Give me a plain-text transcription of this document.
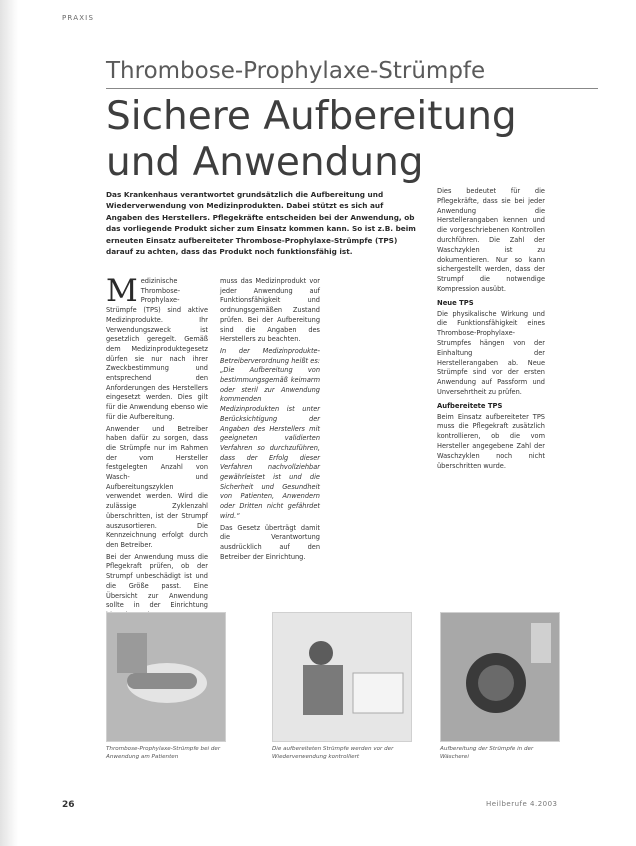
PRAXIS
Thrombose-Prophylaxe-Strümpfe
Sichere Aufbereitung
und Anwendung

Das Krankenhaus verantwortet grundsätzlich die Aufbereitung und Wiederverwendung von Medizinprodukten. Dabei stützt es sich auf Angaben des Herstellers. Pflegekräfte entscheiden bei der Anwendung, ob das vorliegende Produkt sicher zum Einsatz kommen kann. So ist z.B. beim erneuten Einsatz aufbereiteter Thrombose-Prophylaxe-Strümpfe (TPS) darauf zu achten, dass das Produkt noch funktionsfähig ist.

Medizinische Thrombose-Prophylaxe-Strümpfe (TPS) sind aktive Medizinprodukte. Ihr Verwendungszweck ist gesetzlich geregelt. Gemäß dem Medizinproduktegesetz dürfen sie nur nach ihrer Zweckbestimmung und entsprechend den Anforderungen des Herstellers eingesetzt werden. Dies gilt für die Anwendung ebenso wie für die Aufbereitung.

Anwender und Betreiber haben dafür zu sorgen, dass die Strümpfe nur im Rahmen der vom Hersteller festgelegten Anzahl von Wasch- und Aufbereitungszyklen verwendet werden. Wird die zulässige Zyklenzahl überschritten, ist der Strumpf auszusortieren. Die Kennzeichnung erfolgt durch den Betreiber.

Bei der Anwendung muss die Pflegekraft prüfen, ob der Strumpf unbeschädigt ist und die Größe passt. Eine Übersicht zur Anwendung sollte in der Einrichtung

muss das Medizinprodukt vor jeder Anwendung auf Funktionsfähigkeit und ordnungsgemäßen Zustand prüfen. Bei der Aufbereitung sind die Angaben des Herstellers zu beachten.

In der Medizinprodukte-Betreiberverordnung heißt es: „Die Aufbereitung von bestimmungsgemäß keimarm oder steril zur Anwendung kommenden Medizinprodukten ist unter Berücksichtigung der Angaben des Herstellers mit geeigneten validierten Verfahren so durchzuführen, dass der Erfolg dieser Verfahren nachvollziehbar gewährleistet ist und die Sicherheit und Gesundheit von Patienten, Anwendern oder Dritten nicht gefährdet wird.“

Das Gesetz überträgt damit die Verantwortung ausdrücklich auf den Betreiber der Einrichtung.

Dies bedeutet für die Pflegekräfte, dass sie bei jeder Anwendung die Herstellerangaben kennen und die vorgeschriebenen Kontrollen durchführen. Die Zahl der Waschzyklen ist zu dokumentieren. Nur so kann sichergestellt werden, dass der Strumpf die notwendige Kompression ausübt.

Neue TPS

Die physikalische Wirkung und die Funktionsfähigkeit eines Thrombose-Prophylaxe-Strumpfes hängen von der Einhaltung der Herstellerangaben ab. Neue Strümpfe sind vor der ersten Anwendung auf Passform und Unversehrtheit zu prüfen.

Aufbereitete TPS

Beim Einsatz aufbereiteter TPS muss die Pflegekraft zusätzlich kontrollieren, ob die vom Hersteller angegebene Zahl der Waschzyklen noch nicht überschritten wurde.

Thrombose-Prophylaxe-Strümpfe bei der Anwendung am Patienten
Die aufbereiteten Strümpfe werden vor der Wiederverwendung kontrolliert
Aufbereitung der Strümpfe in der Wäscherei
26	Heilberufe 4.2003
